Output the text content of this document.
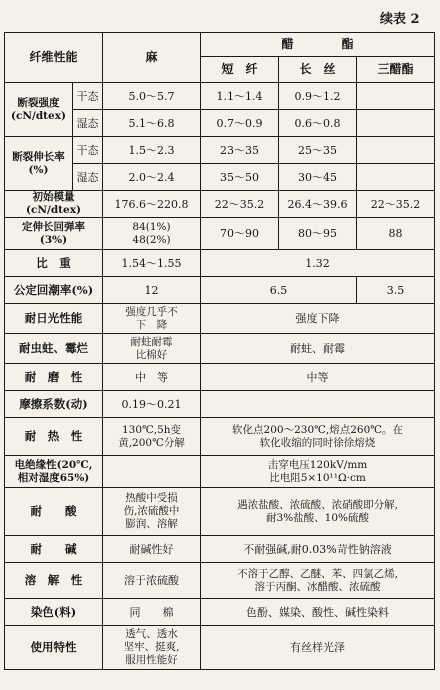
续表 2
纤维性能		麻	醋　　　　酯		
			短　纤	长　丝	三醋酯
断裂强度
(cN/dtex)	干态	5.0～5.7	1.1～1.4	0.9～1.2	
	湿态	5.1～6.8	0.7～0.9	0.6～0.8	
断裂伸长率
(%)	干态	1.5～2.3	23～35	25～35	
	湿态	2.0～2.4	35～50	30～45	
初始模量
(cN/dtex)		176.6～220.8	22～35.2	26.4～39.6	22～35.2
定伸长回弹率
(3%)		84(1%)
48(2%)	70～90	80～95	88
比　重		1.54～1.55	1.32		
公定回潮率(%)		12	6.5		3.5
耐日光性能		强度几乎不
下　降	强度下降		
耐虫蛀、霉烂		耐蛀耐霉
比棉好	耐蛀、耐霉		
耐　磨　性		中　等	中等		
摩擦系数(动)		0.19～0.21			
耐　热　性		130℃,5h变
黄,200℃分解	软化点200～230℃,熔点260℃。在
软化收缩的同时徐徐熔烧		
电绝缘性(20℃,
相对湿度65%)			击穿电压120kV/mm
比电阻5×10¹¹Ω·cm		
耐　　酸		热酸中受损
伤,浓硫酸中
膨润、溶解	遇浓盐酸、浓硫酸、浓硝酸即分解,
耐3%盐酸、10%硫酸		
耐　　碱		耐碱性好	不耐强碱,耐0.03%苛性钠溶液		
溶　解　性		溶于浓硫酸	不溶于乙醇、乙醚、苯、四氯乙烯,
溶于丙酮、冰醋酸、浓硫酸		
染色(料)		同　　棉	色酚、媒染、酸性、碱性染料		
使用特性		透气、透水
坚牢、挺爽,
服用性能好	有丝样光泽		
